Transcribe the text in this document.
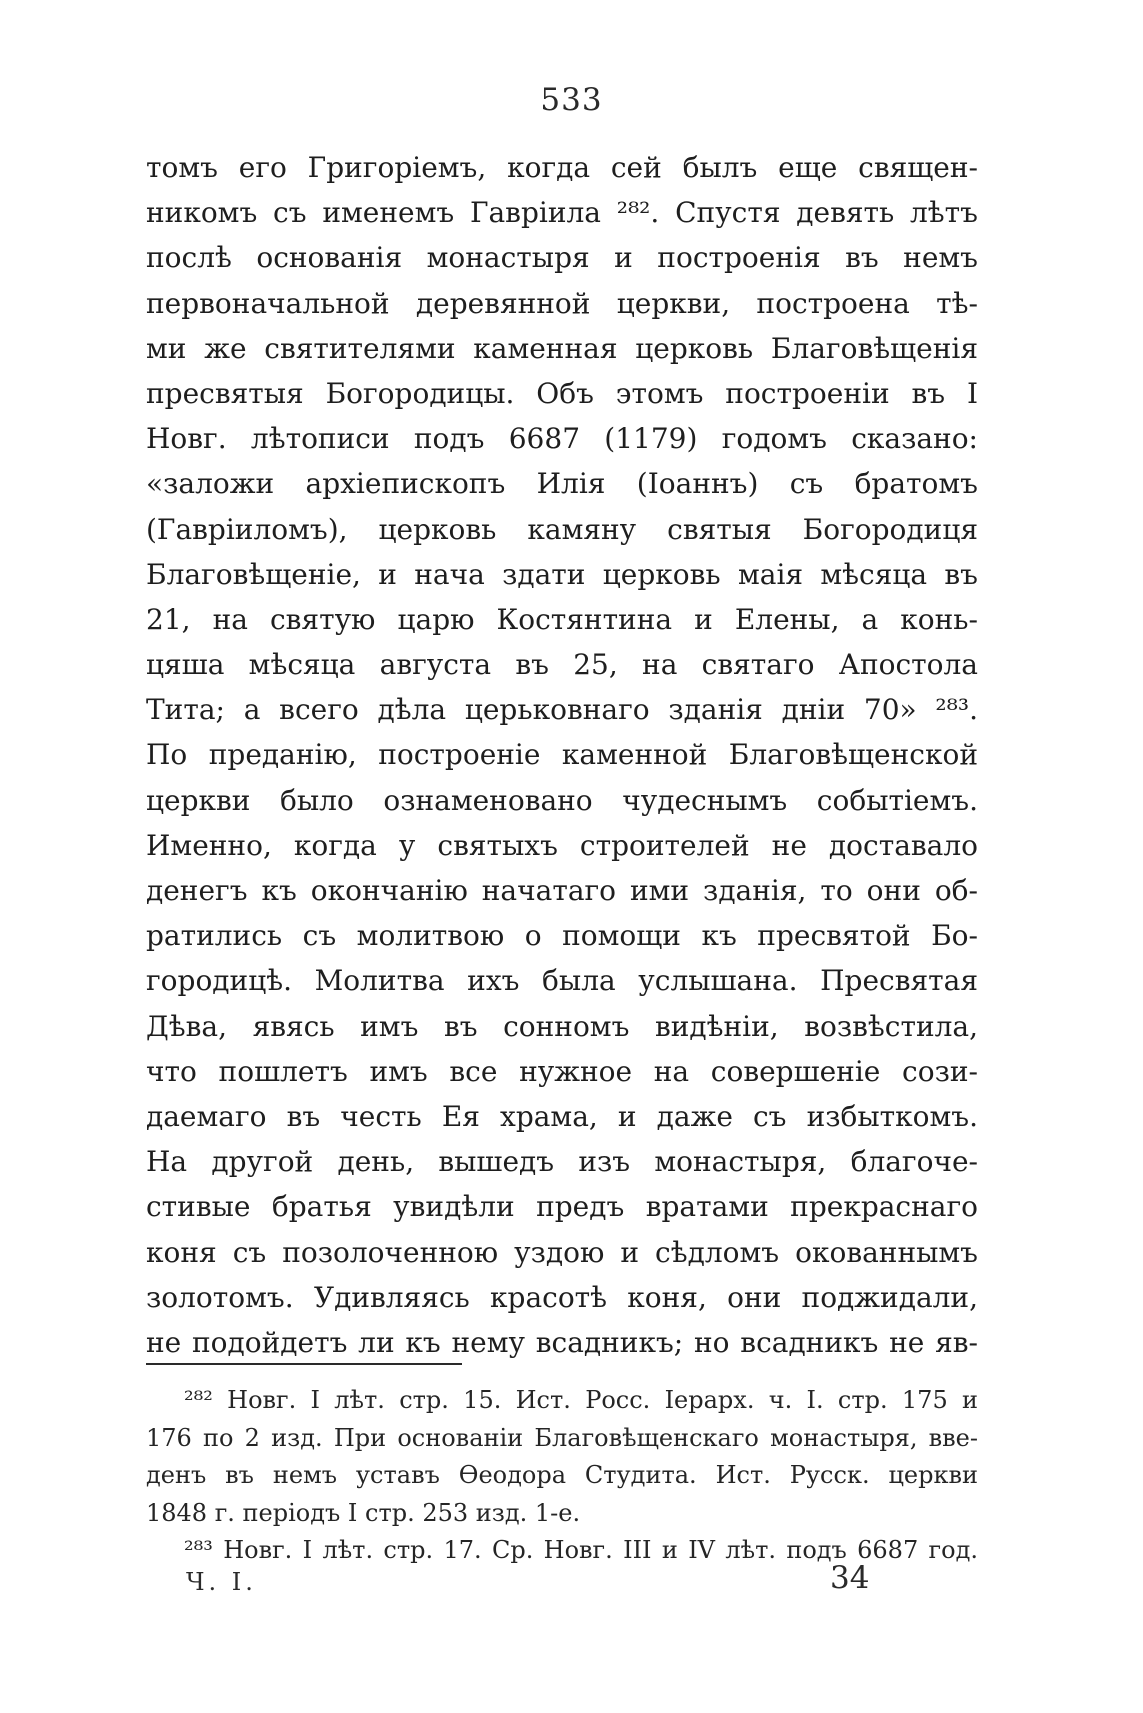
533
томъ его Григоріемъ, когда сей былъ еще священ-
никомъ съ именемъ Гавріила ²⁸². Спустя девять лѣтъ
послѣ основанія монастыря и построенія въ немъ
первоначальной деревянной церкви, построена тѣ-
ми же святителями каменная церковь Благовѣщенія
пресвятыя Богородицы. Объ этомъ построеніи въ I
Новг. лѣтописи подъ 6687 (1179) годомъ сказано:
«заложи архіепископъ Илія (Іоаннъ) съ братомъ
(Гавріиломъ), церковь камяну святыя Богородиця
Благовѣщеніе, и нача здати церковь маія мѣсяца въ
21, на святую царю Костянтина и Елены, а конь-
цяша мѣсяца августа въ 25, на святаго Апостола
Тита; а всего дѣла церьковнаго зданія днiи 70» ²⁸³.
По преданію, построеніе каменной Благовѣщенской
церкви было ознаменовано чудеснымъ событіемъ.
Именно, когда у святыхъ строителей не доставало
денегъ къ окончанію начатаго ими зданія, то они об-
ратились съ молитвою о помощи къ пресвятой Бо-
городицѣ. Молитва ихъ была услышана. Пресвятая
Дѣва, явясь имъ въ сонномъ видѣніи, возвѣстила,
что пошлетъ имъ все нужное на совершеніе сози-
даемаго въ честь Ея храма, и даже съ избыткомъ.
На другой день, вышедъ изъ монастыря, благоче-
стивые братья увидѣли предъ вратами прекраснаго
коня съ позолоченною уздою и сѣдломъ окованнымъ
золотомъ. Удивляясь красотѣ коня, они поджидали,
не подойдетъ ли къ нему всадникъ; но всадникъ не яв-
²⁸² Новг. I лѣт. стр. 15. Ист. Росс. Іерарх. ч. I. стр. 175 и
176 по 2 изд. При основаніи Благовѣщенскаго монастыря, вве-
денъ въ немъ уставъ Ѳеодора Студита. Ист. Русск. церкви
1848 г. періодъ I стр. 253 изд. 1-е.
²⁸³ Новг. I лѣт. стр. 17. Ср. Новг. III и IV лѣт. подъ 6687 год.
Ч. I.	34
